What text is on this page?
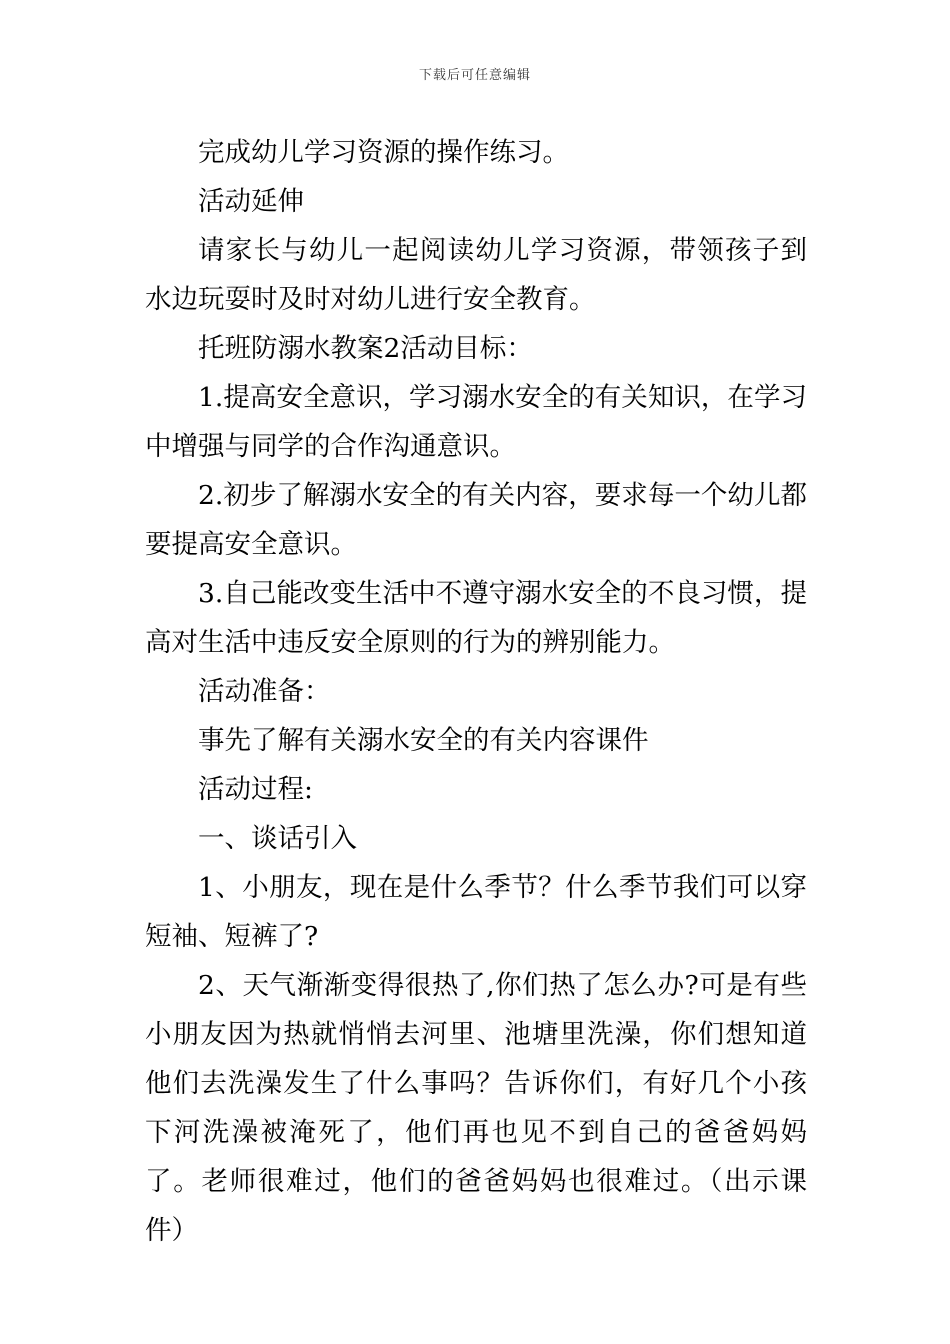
下载后可任意编辑

完成幼儿学习资源的操作练习。

活动延伸

请家长与幼儿一起阅读幼儿学习资源，带领孩子到水边玩耍时及时对幼儿进行安全教育。

托班防溺水教案2活动目标：

1.提高安全意识，学习溺水安全的有关知识，在学习中增强与同学的合作沟通意识。

2.初步了解溺水安全的有关内容，要求每一个幼儿都要提高安全意识。

3.自己能改变生活中不遵守溺水安全的不良习惯，提高对生活中违反安全原则的行为的辨别能力。

活动准备：

事先了解有关溺水安全的有关内容课件

活动过程:

一、谈话引入

1、小朋友，现在是什么季节？什么季节我们可以穿短袖、短裤了?

2、天气渐渐变得很热了,你们热了怎么办?可是有些小朋友因为热就悄悄去河里、池塘里洗澡，你们想知道他们去洗澡发生了什么事吗？告诉你们，有好几个小孩下河洗澡被淹死了，他们再也见不到自己的爸爸妈妈了。老师很难过，他们的爸爸妈妈也很难过。（出示课件）
